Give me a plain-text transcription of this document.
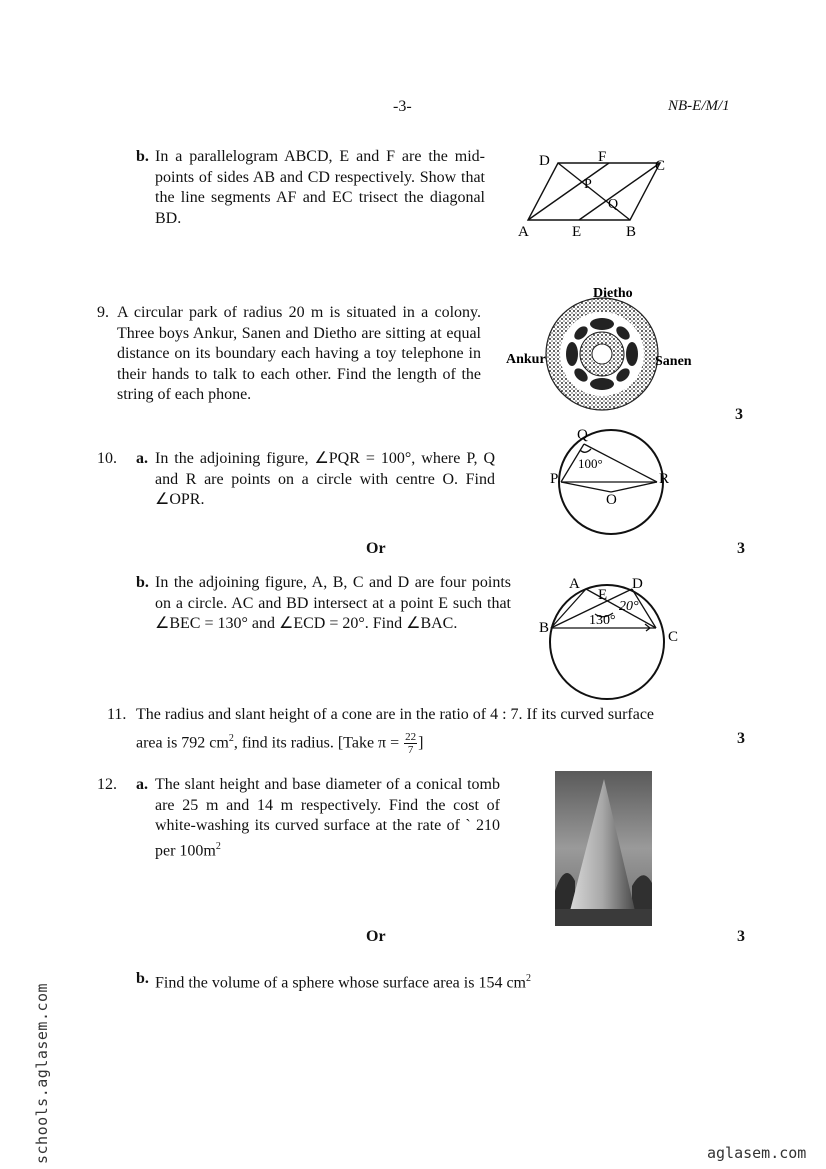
-3-	NB-E/M/1
b. In a parallelogram ABCD, E and F are the mid-points of sides AB and CD respectively. Show that the line segments AF and EC trisect the diagonal BD.
A	E	B
C
D	F
P
Q
9. A circular park of radius 20 m is situated in a colony. Three boys Ankur, Sanen and Dietho are sitting at equal distance on its boundary each having a toy telephone in their hands to talk to each other. Find the length of the string of each phone.
Dietho
Ankur	Sanen
3
10. a. In the adjoining figure, ∠PQR = 100°, where P, Q and R are points on a circle with centre O. Find ∠OPR.
Q
P	R
O
100°
Or	3
b. In the adjoining figure, A, B, C and D are four points on a circle. AC and BD intersect at a point E such that ∠BEC = 130° and ∠ECD = 20°. Find ∠BAC.
A	D
E
B
C
130°
20°
11. The radius and slant height of a cone are in the ratio of 4 : 7. If its curved surface
area is 792 $cm^2$, find its radius. [Take $\pi = \frac{22}{7}$ ]	3
12. a. The slant height and base diameter of a conical tomb are 25 m and 14 m respectively. Find the cost of white-washing its curved surface at the rate of ` 210 per $100m^2$
Or	3
b. Find the volume of a sphere whose surface area is 154 $cm^2$
schools.aglasem.com	aglasem.com
